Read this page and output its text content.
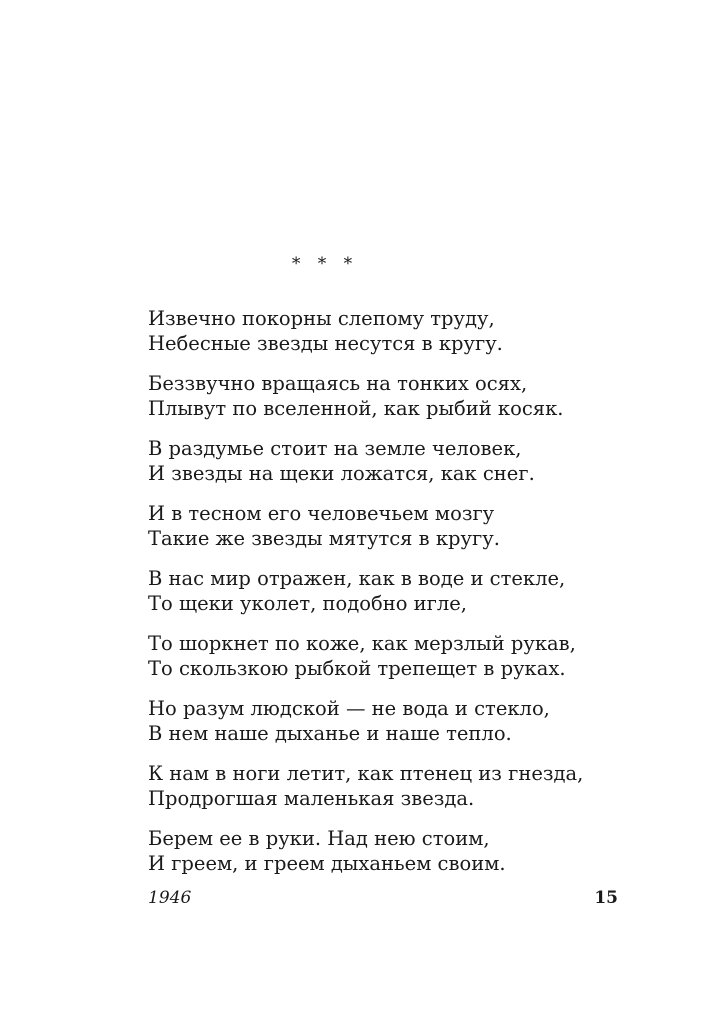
* * *

Извечно покорны слепому труду,
Небесные звезды несутся в кругу.

Беззвучно вращаясь на тонких осях,
Плывут по вселенной, как рыбий косяк.

В раздумье стоит на земле человек,
И звезды на щеки ложатся, как снег.

И в тесном его человечьем мозгу
Такие же звезды мятутся в кругу.

В нас мир отражен, как в воде и стекле,
То щеки уколет, подобно игле,

То шоркнет по коже, как мерзлый рукав,
То скользкою рыбкой трепещет в руках.

Но разум людской — не вода и стекло,
В нем наше дыханье и наше тепло.

К нам в ноги летит, как птенец из гнезда,
Продрогшая маленькая звезда.

Берем ее в руки. Над нею стоим,
И греем, и греем дыханьем своим.

1946	15
